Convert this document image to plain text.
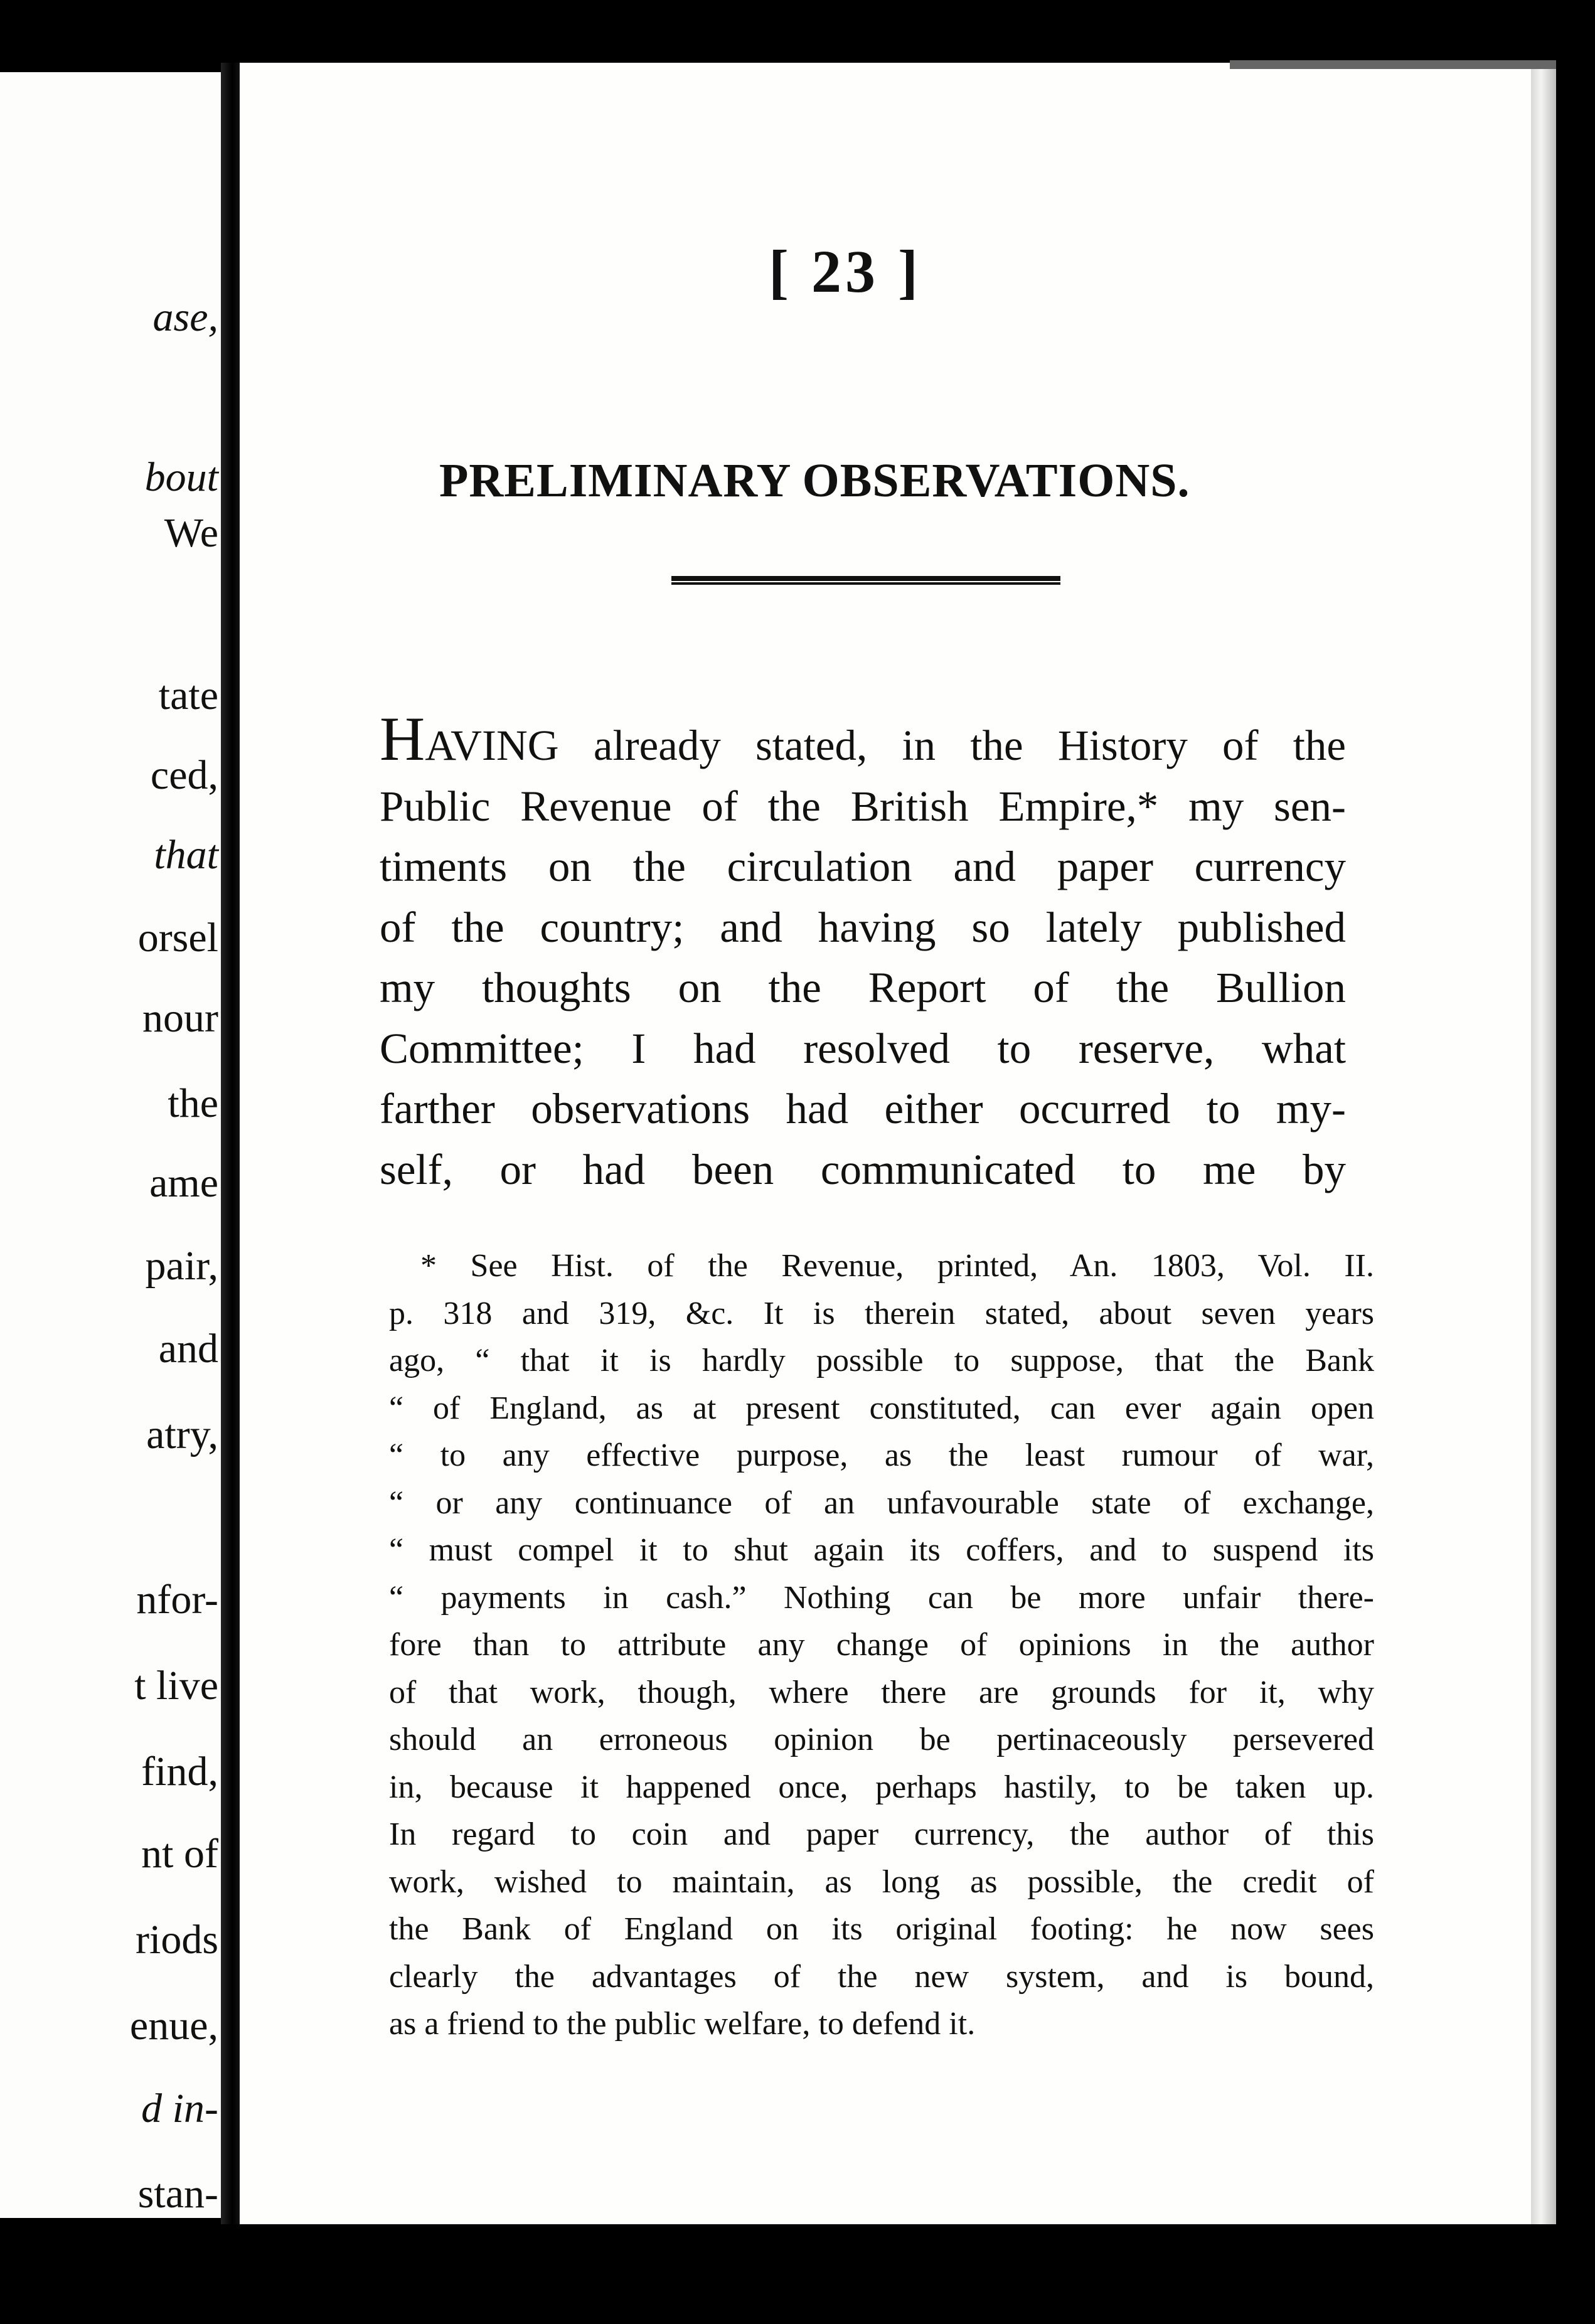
ase,
bout
We
tate
ced,
that
orsel
nour
the
ame
pair,
and
atry,
nfor-
t live
find,
nt of
riods
enue,
d in-
stan-
[ 23 ]
PRELIMINARY OBSERVATIONS.
HAVING already stated, in the History of the
Public Revenue of the British Empire,* my sen-
timents on the circulation and paper currency
of the country; and having so lately published
my thoughts on the Report of the Bullion
Committee; I had resolved to reserve, what
farther observations had either occurred to my-
self, or had been communicated to me by
* See Hist. of the Revenue, printed, An. 1803, Vol. II.
p. 318 and 319, &c. It is therein stated, about seven years
ago, “ that it is hardly possible to suppose, that the Bank
“ of England, as at present constituted, can ever again open
“ to any effective purpose, as the least rumour of war,
“ or any continuance of an unfavourable state of exchange,
“ must compel it to shut again its coffers, and to suspend its
“ payments in cash.” Nothing can be more unfair there-
fore than to attribute any change of opinions in the author
of that work, though, where there are grounds for it, why
should an erroneous opinion be pertinaceously persevered
in, because it happened once, perhaps hastily, to be taken up.
In regard to coin and paper currency, the author of this
work, wished to maintain, as long as possible, the credit of
the Bank of England on its original footing: he now sees
clearly the advantages of the new system, and is bound,
as a friend to the public welfare, to defend it.
